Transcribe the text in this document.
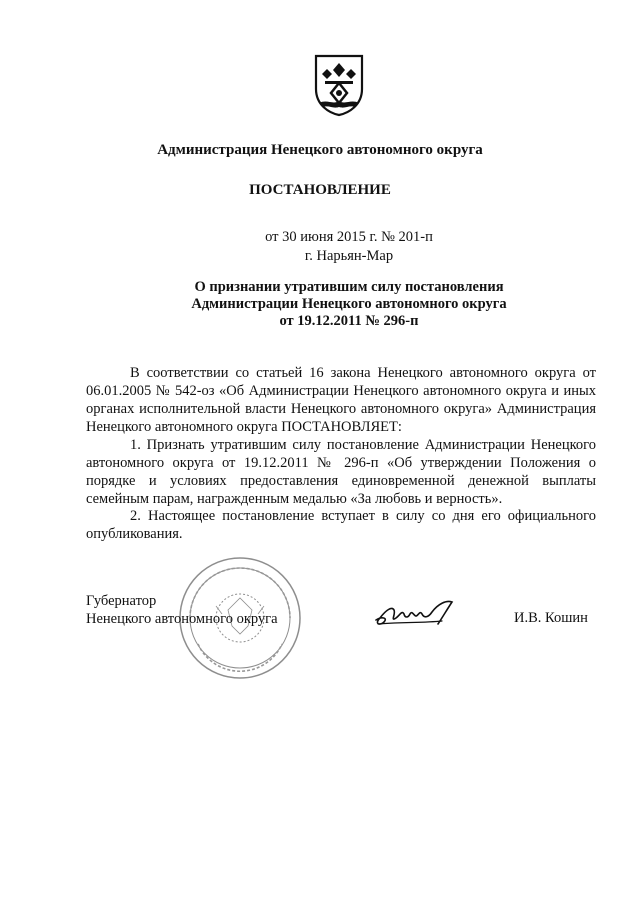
Администрация Ненецкого автономного округа
ПОСТАНОВЛЕНИЕ
от 30 июня 2015 г. № 201-п
г. Нарьян-Мар
О признании утратившим силу постановления
Администрации Ненецкого автономного округа
от 19.12.2011 № 296-п

В соответствии со статьей 16 закона Ненецкого автономного округа от 06.01.2005 № 542-оз «Об Администрации Ненецкого автономного округа и иных органах исполнительной власти Ненецкого автономного округа» Администрация Ненецкого автономного округа ПОСТАНОВЛЯЕТ:

1. Признать утратившим силу постановление Администрации Ненецкого автономного округа от 19.12.2011 № 296-п «Об утверждении Положения о порядке и условиях предоставления единовременной денежной выплаты семейным парам, награжденным медалью «За любовь и верность».

2. Настоящее постановление вступает в силу со дня его официального опубликования.

Губернатор
Ненецкого автономного округа	И.В. Кошин
